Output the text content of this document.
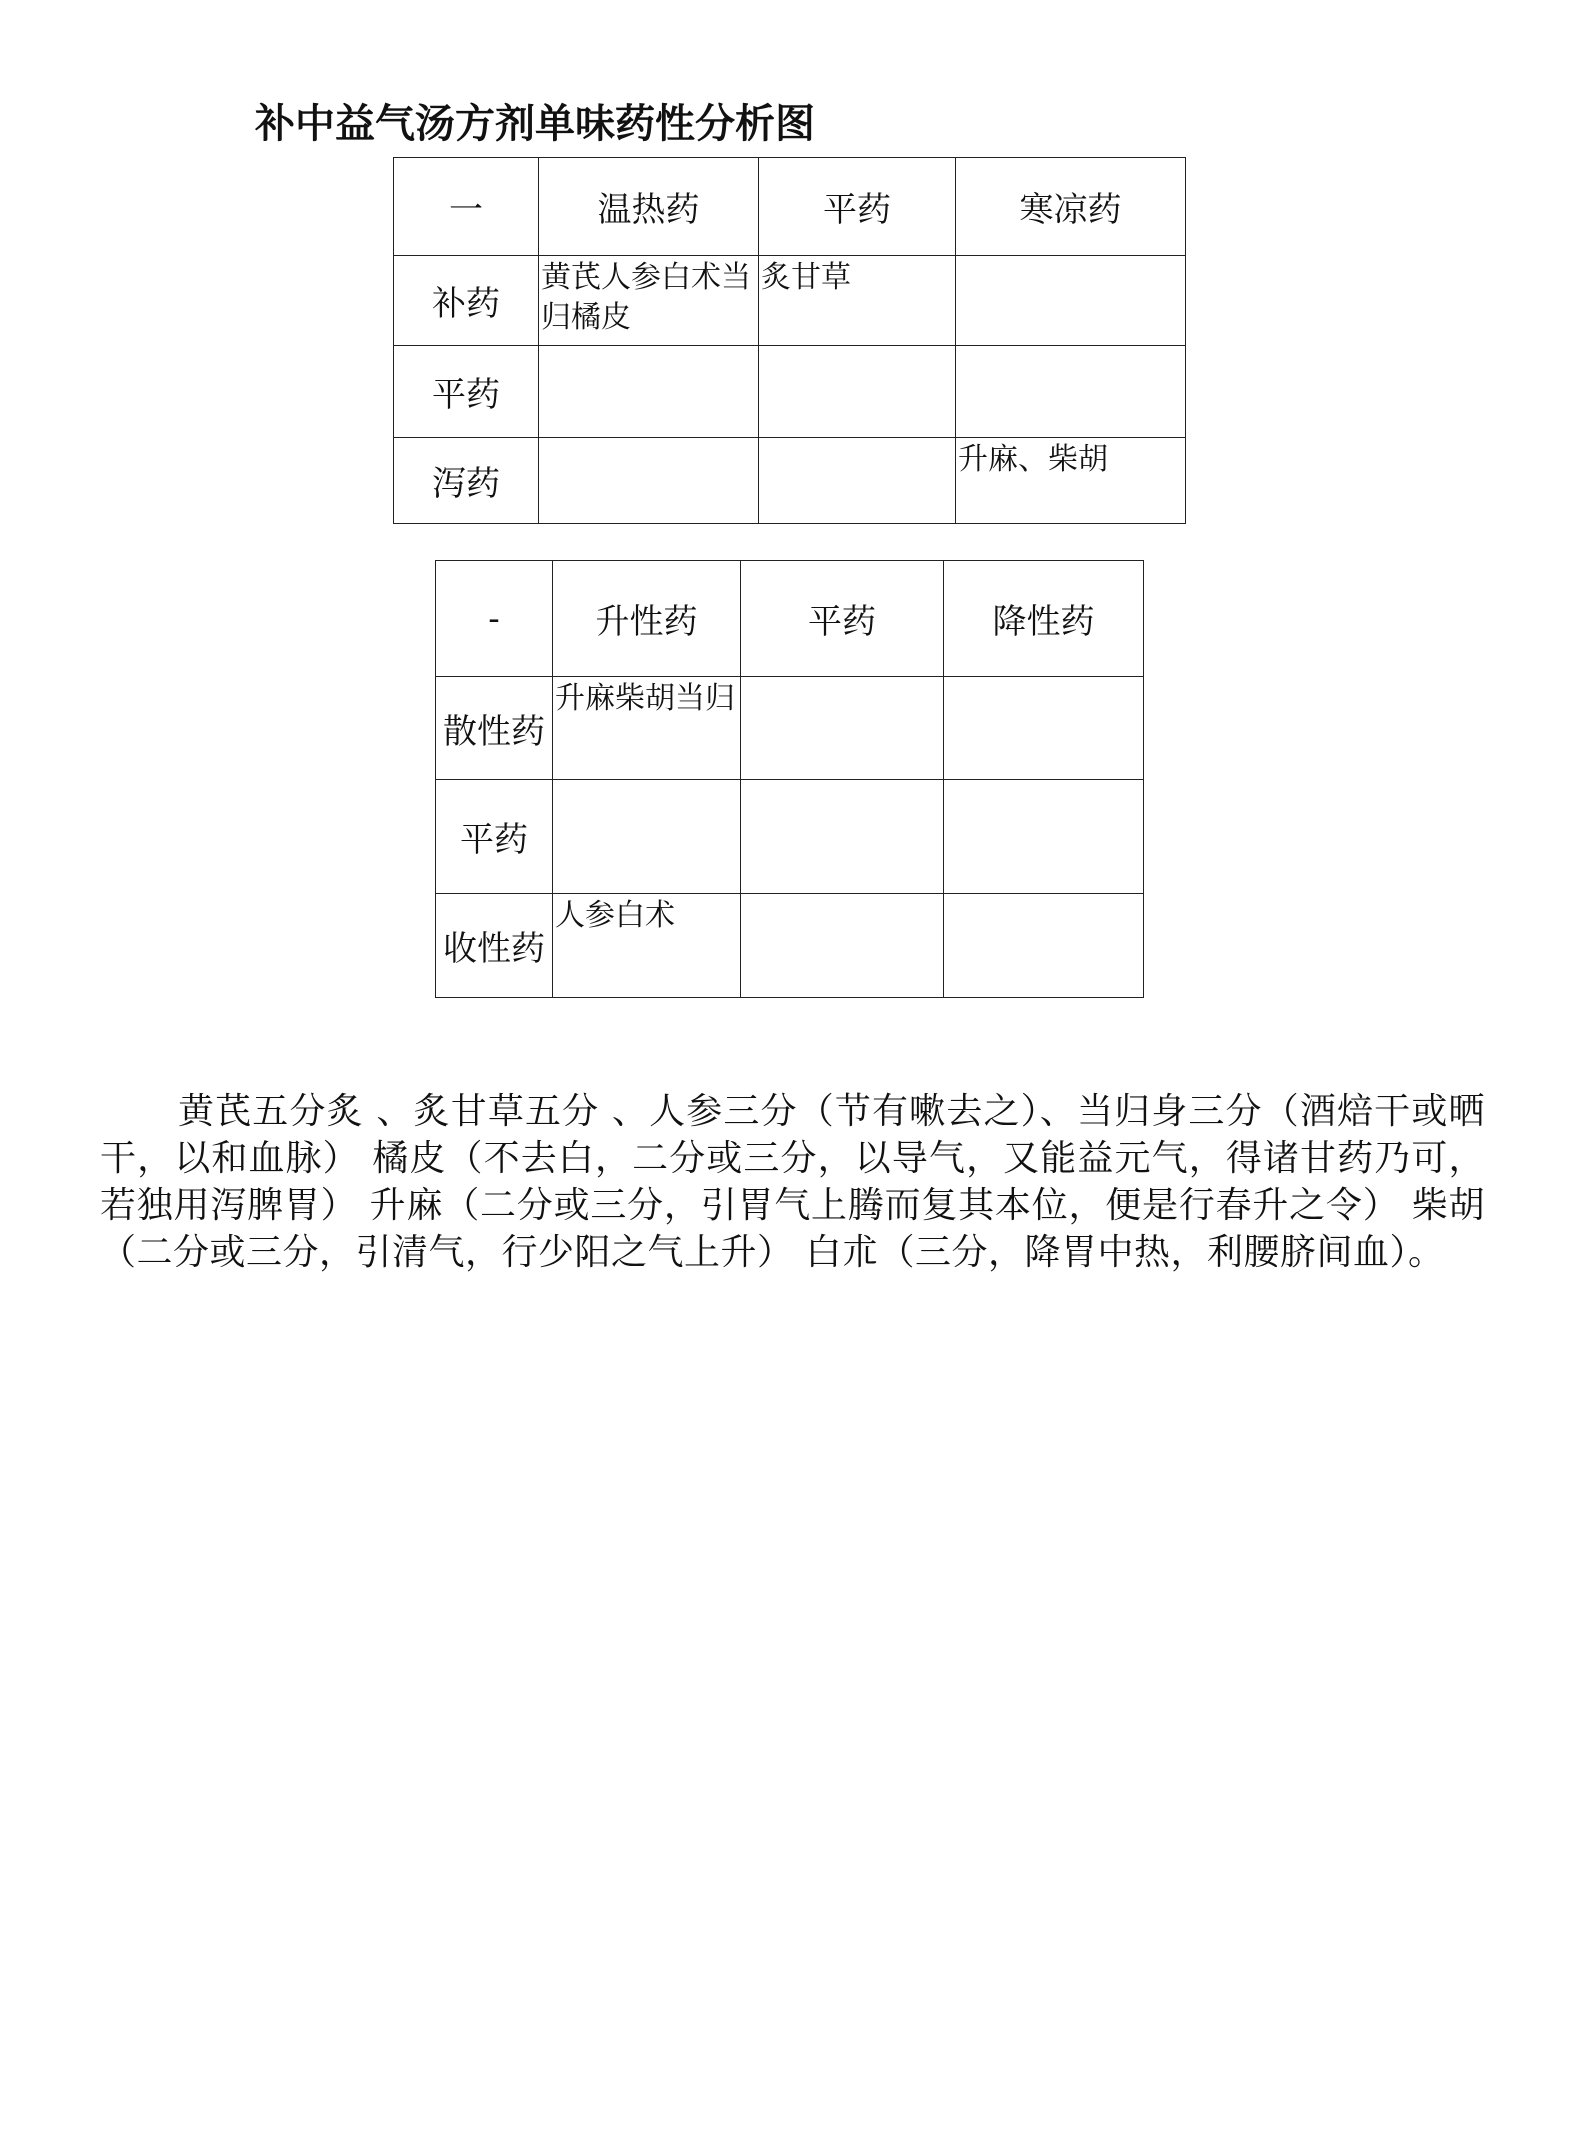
补中益气汤方剂单味药性分析图
一	温热药	平药	寒凉药
补药	黄芪人参白术当归橘皮	炙甘草	
平药			
泻药			升麻、柴胡
-	升性药	平药	降性药
散性药	升麻柴胡当归		
平药			
收性药	人参白术		

黄芪五分炙 、炙甘草五分 、人参三分（节有嗽去之）、当归身三分（酒焙干或晒干，以和血脉） 橘皮（不去白，二分或三分，以导气，又能益元气，得诸甘药乃可，若独用泻脾胃） 升麻（二分或三分，引胃气上腾而复其本位，便是行春升之令） 柴胡（二分或三分，引清气，行少阳之气上升） 白朮（三分，降胃中热，利腰脐间血）。
